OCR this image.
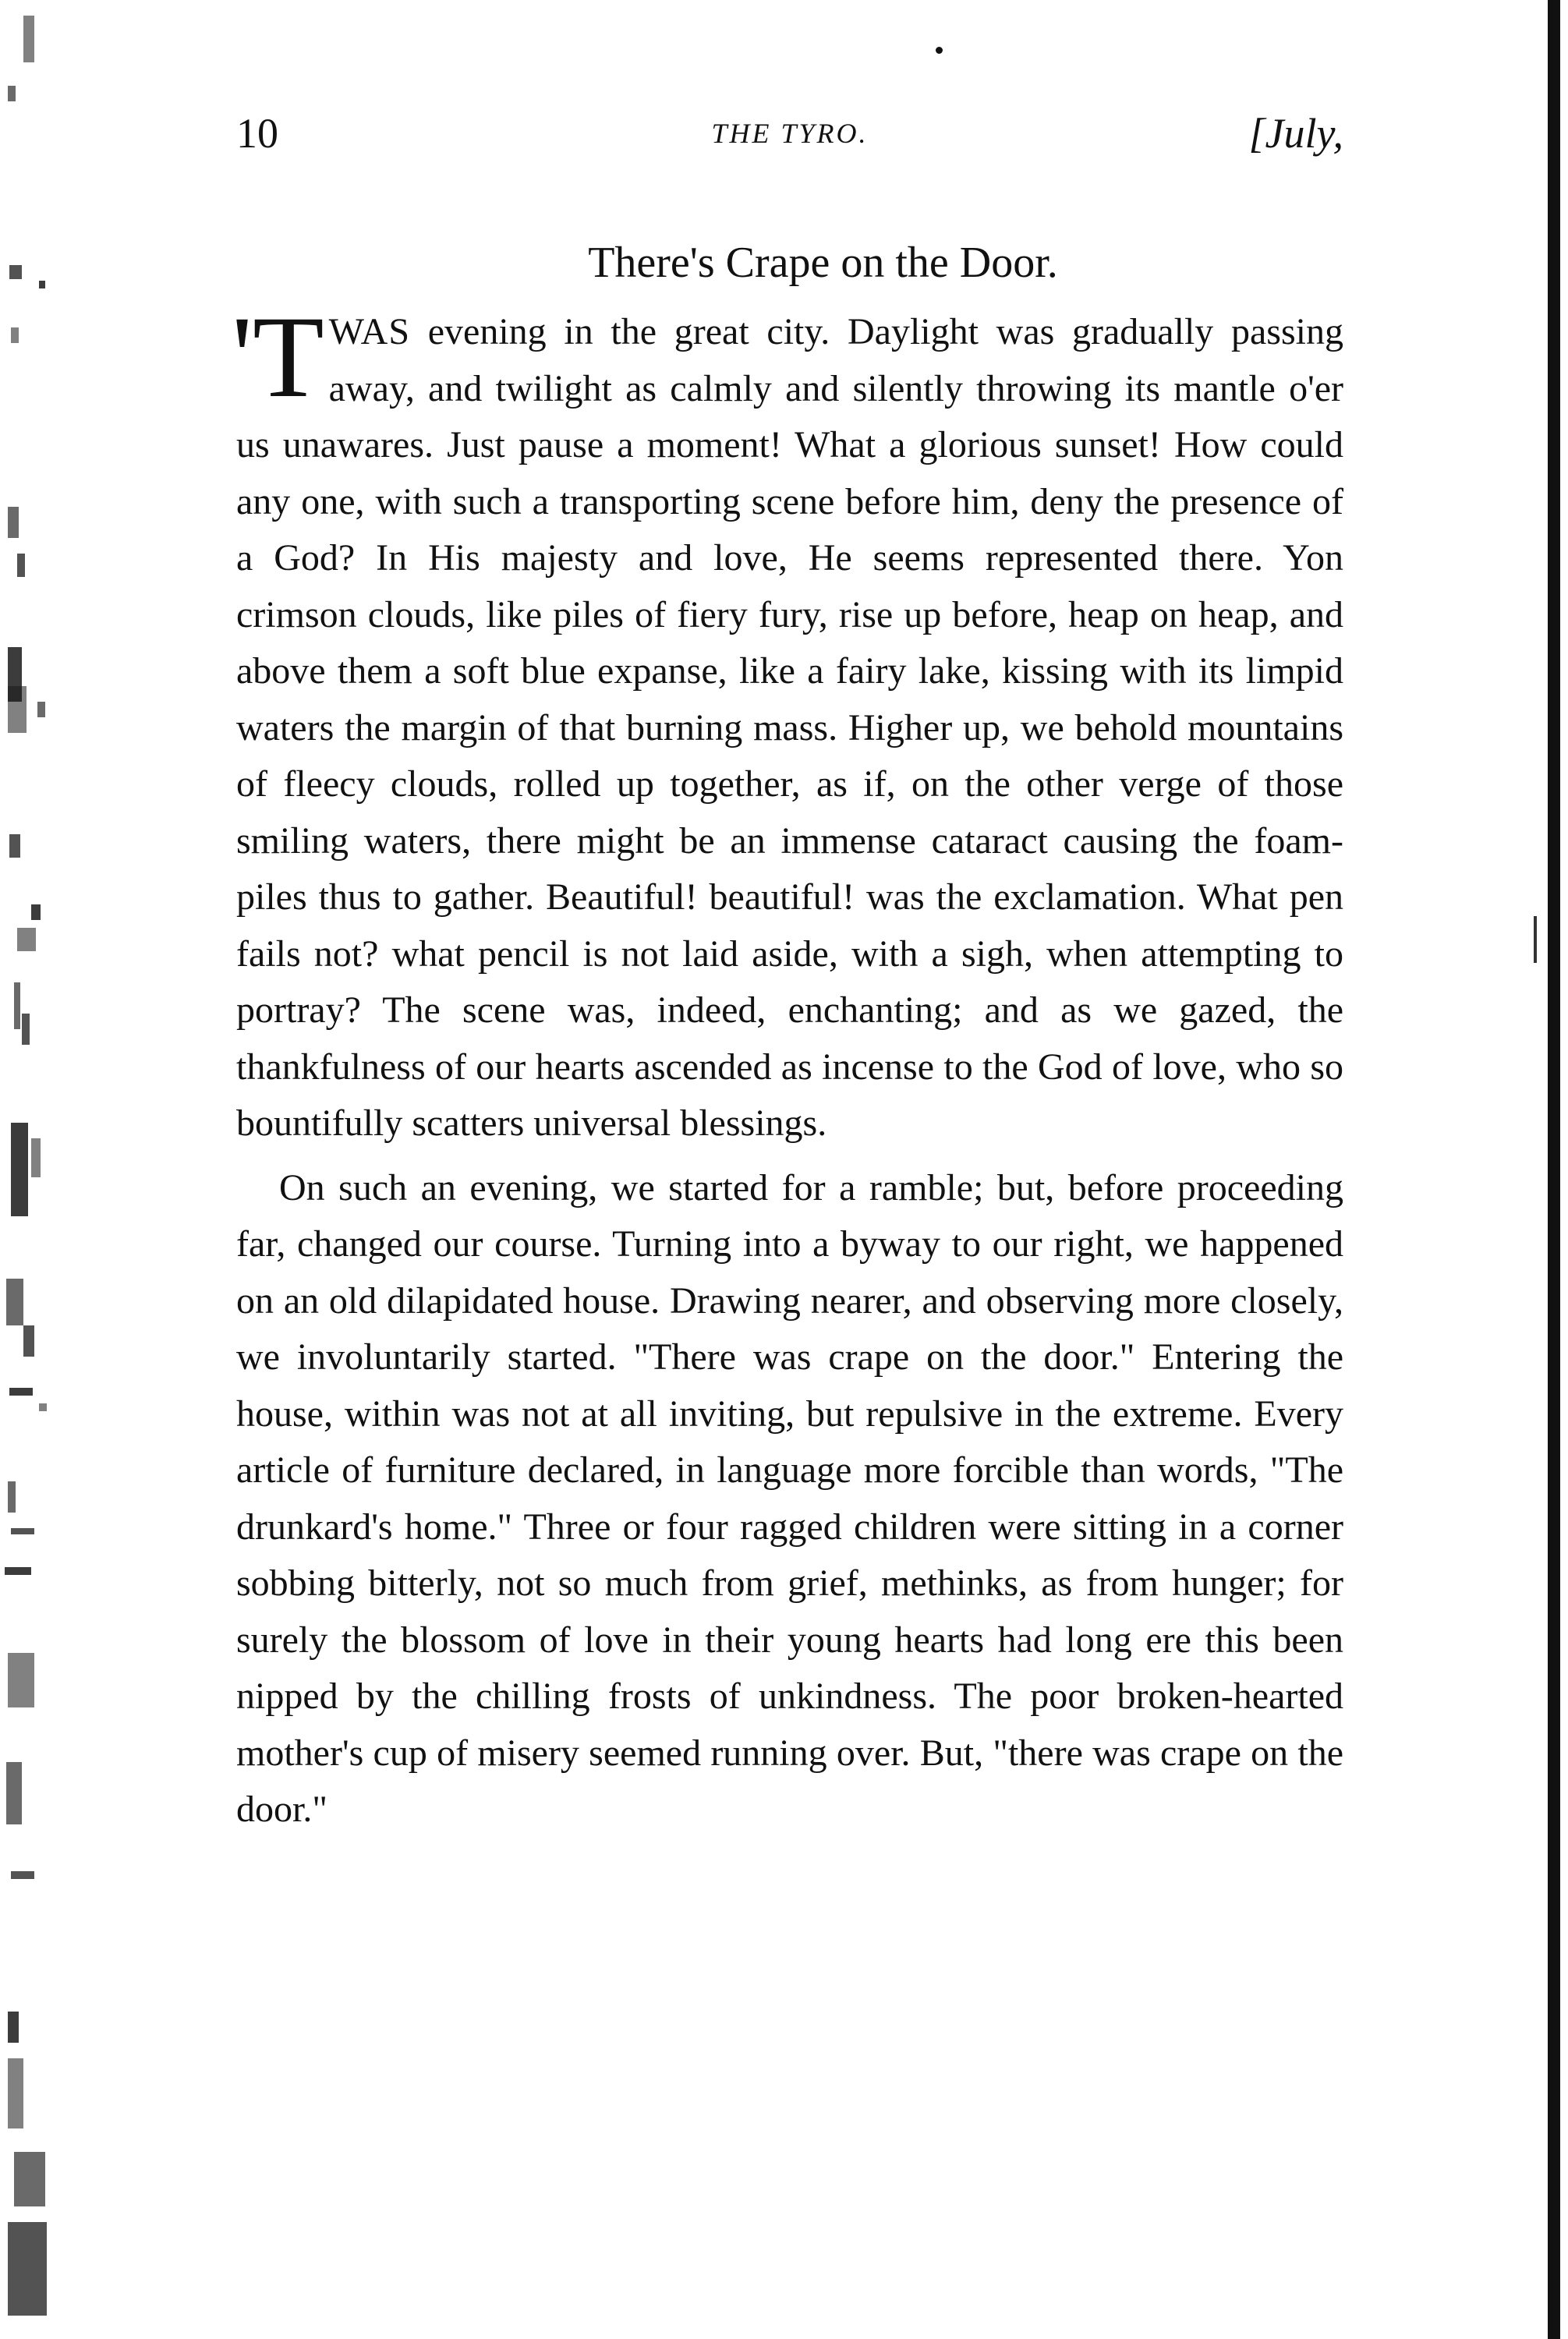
10	THE TYRO.	[July,
There's Crape on the Door.

'T WAS evening in the great city. Daylight was gradually passing away, and twilight as calmly and silently throwing its mantle o'er us unawares. Just pause a moment! What a glorious sunset! How could any one, with such a transporting scene before him, deny the presence of a God? In His majesty and love, He seems represented there. Yon crimson clouds, like piles of fiery fury, rise up before, heap on heap, and above them a soft blue expanse, like a fairy lake, kissing with its limpid waters the margin of that burning mass. Higher up, we behold mountains of fleecy clouds, rolled up together, as if, on the other verge of those smiling waters, there might be an immense cataract causing the foam-piles thus to gather. Beautiful! beautiful! was the exclamation. What pen fails not? what pencil is not laid aside, with a sigh, when attempting to portray? The scene was, indeed, enchanting; and as we gazed, the thankfulness of our hearts ascended as incense to the God of love, who so bountifully scatters universal blessings.

On such an evening, we started for a ramble; but, before proceeding far, changed our course. Turning into a byway to our right, we happened on an old dilapidated house. Drawing nearer, and observing more closely, we involuntarily started. "There was crape on the door." Entering the house, within was not at all inviting, but repulsive in the extreme. Every article of furniture declared, in language more forcible than words, "The drunkard's home." Three or four ragged children were sitting in a corner sobbing bitterly, not so much from grief, methinks, as from hunger; for surely the blossom of love in their young hearts had long ere this been nipped by the chilling frosts of unkindness. The poor broken-hearted mother's cup of misery seemed running over. But, "there was crape on the door."
